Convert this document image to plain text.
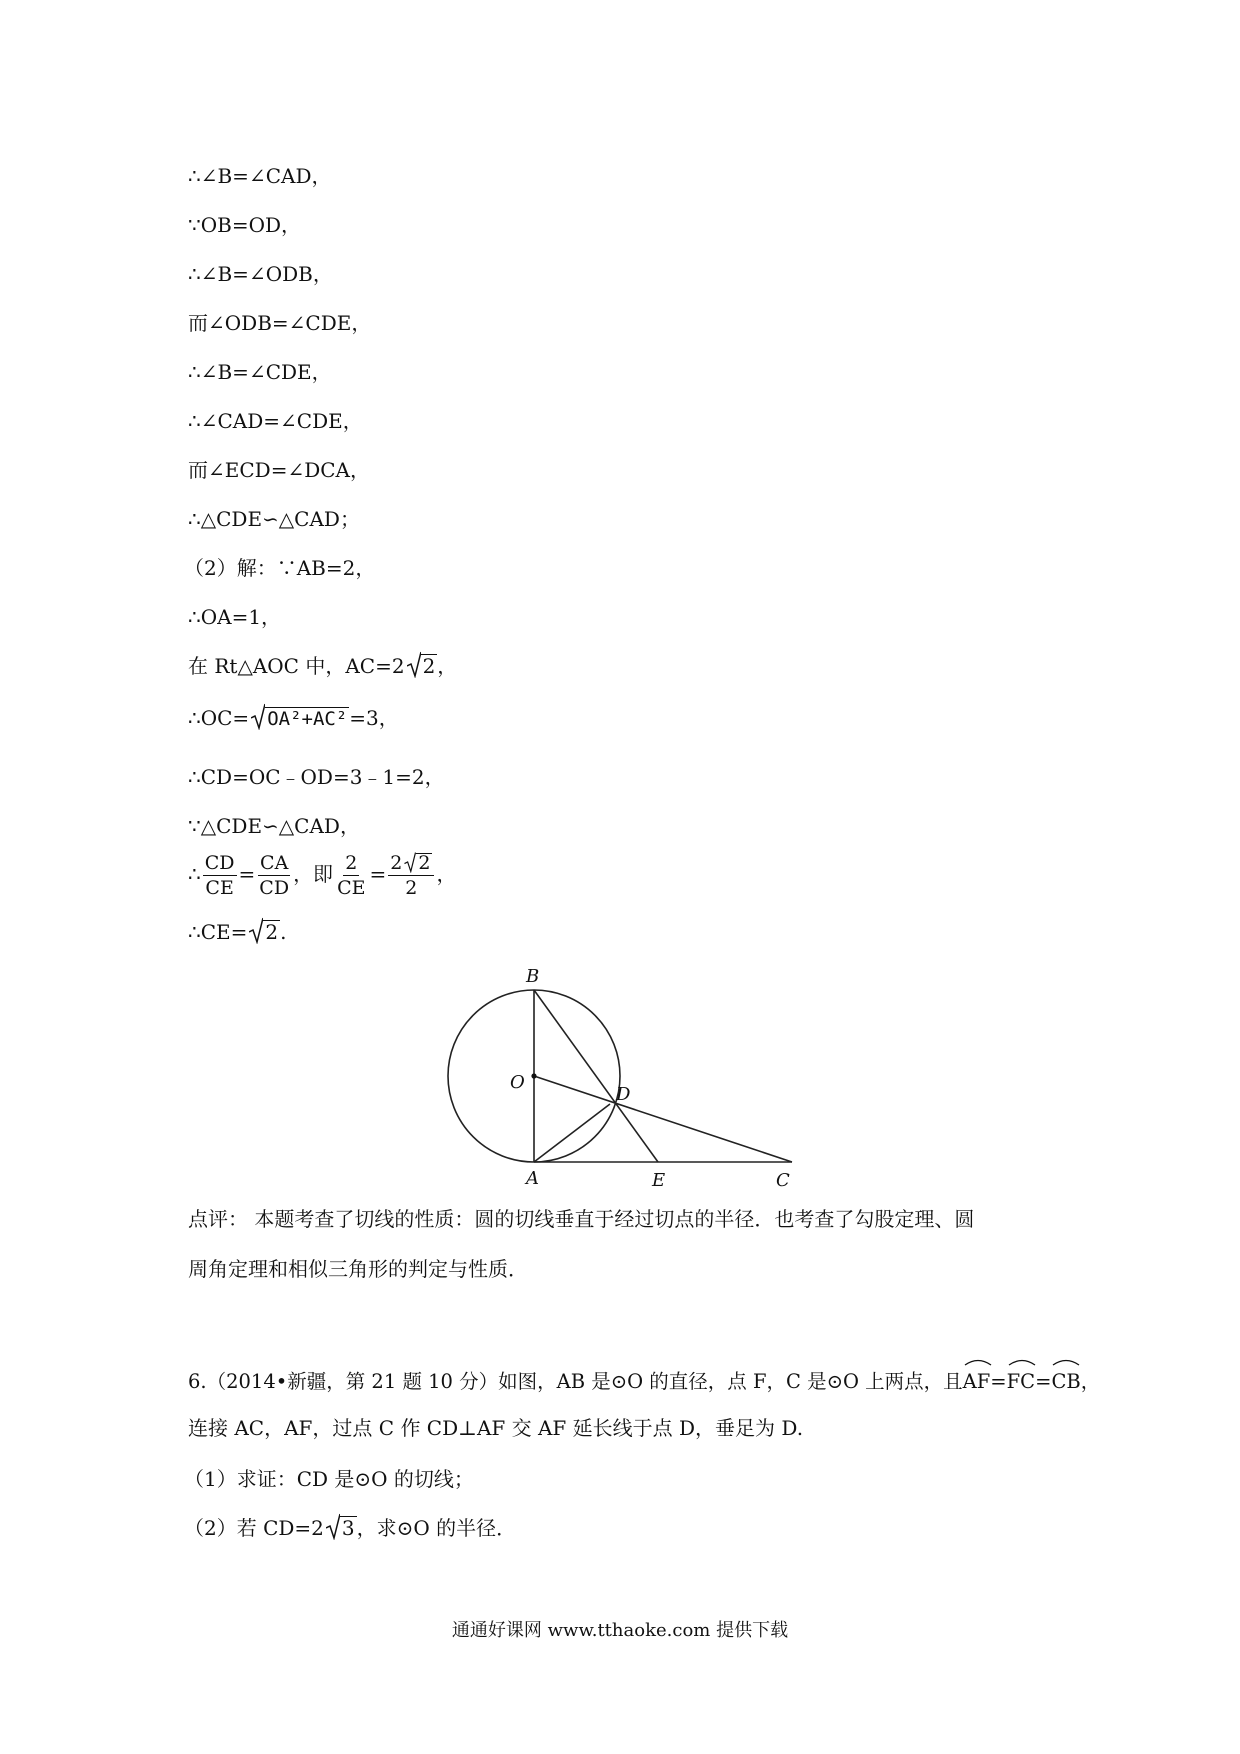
∴∠B=∠CAD，
∵OB=OD，
∴∠B=∠ODB，
而∠ODB=∠CDE，
∴∠B=∠CDE，
∴∠CAD=∠CDE，
而∠ECD=∠DCA，
∴△CDE∽△CAD；
（2）解：∵AB=2，
∴OA=1，
在 Rt△AOC 中，AC=2 2 ，
∴OC= OA²+AC² =3，
∴CD=OC﹣OD=3﹣1=2，
∵△CDE∽△CAD，
∴ $\frac{CD}{CE} = \frac{CA}{CD}$ ，即 $\frac{2}{CE} = \frac{2 2}{2}$ ，
∴CE= 2 .
B
O
D
A	E	C
点评： 本题考查了切线的性质：圆的切线垂直于经过切点的半径．也考查了勾股定理、圆
周角定理和相似三角形的判定与性质．
6.（2014•新疆，第 21 题 10 分）如图，AB 是⊙O 的直径，点 F，C 是⊙O 上两点，且
AF=
FC=
CB，
连接 AC，AF，过点 C 作 CD⊥AF 交 AF 延长线于点 D，垂足为 D.
（1）求证：CD 是⊙O 的切线；
（2）若 CD=2 3 ，求⊙O 的半径．
通通好课网 www.tthaoke.com 提供下载
